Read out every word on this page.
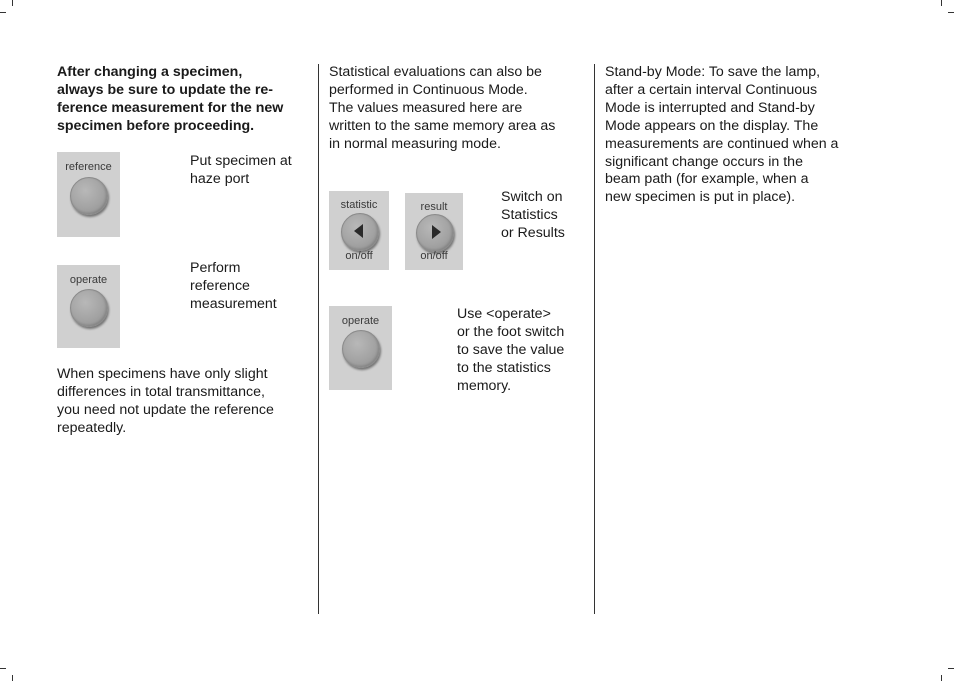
After changing a specimen,
always be sure to update the re-
ference measurement for the new
specimen before proceeding.

reference	Put specimen at
haze port

operate

Perform
reference
measurement

When specimens have only slight
differences in total transmittance,
you need not update the reference
repeatedly.

Statistical evaluations can also be
performed in Continuous Mode.
The values measured here are
written to the same memory area as
in normal measuring mode.

statistic
on/off
result
on/off

Switch on
Statistics
or Results

operate	Use <operate>
or the foot switch
to save the value
to the statistics
memory.

Stand-by Mode: To save the lamp,
after a certain interval Continuous
Mode is interrupted and Stand-by
Mode appears on the display. The
measurements are continued when a
significant change occurs in the
beam path (for example, when a
new specimen is put in place).
